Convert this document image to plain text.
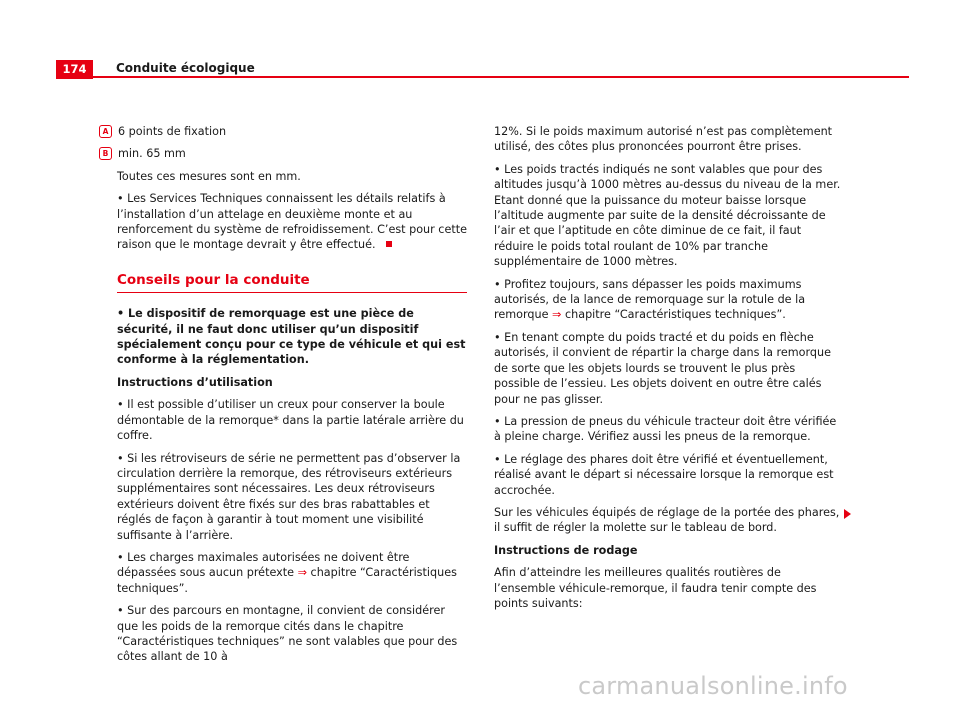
174	Conduite écologique

A 6 points de fixation

B min. 65 mm

Toutes ces mesures sont en mm.

• Les Services Techniques connaissent les détails relatifs à l’installation d’un attelage en deuxième monte et au renforcement du système de refroidissement. C’est pour cette raison que le montage devrait y être effectué.

Conseils pour la conduite

• Le dispositif de remorquage est une pièce de sécurité, il ne faut donc utiliser qu’un dispositif spécialement conçu pour ce type de véhicule et qui est conforme à la réglementation.

Instructions d’utilisation

• Il est possible d’utiliser un creux pour conserver la boule démontable de la remorque* dans la partie latérale arrière du coffre.

• Si les rétroviseurs de série ne permettent pas d’observer la circulation derrière la remorque, des rétroviseurs extérieurs supplémentaires sont nécessaires. Les deux rétroviseurs extérieurs doivent être fixés sur des bras rabattables et réglés de façon à garantir à tout moment une visibilité suffisante à l’arrière.

• Les charges maximales autorisées ne doivent être dépassées sous aucun prétexte ⇒ chapitre “Caractéristiques techniques”.

• Sur des parcours en montagne, il convient de considérer que les poids de la remorque cités dans le chapitre “Caractéristiques techniques” ne sont valables que pour des côtes allant de 10 à

12%. Si le poids maximum autorisé n’est pas complètement utilisé, des côtes plus prononcées pourront être prises.

• Les poids tractés indiqués ne sont valables que pour des altitudes jusqu’à 1000 mètres au-dessus du niveau de la mer. Etant donné que la puissance du moteur baisse lorsque l’altitude augmente par suite de la densité décroissante de l’air et que l’aptitude en côte diminue de ce fait, il faut réduire le poids total roulant de 10% par tranche supplémentaire de 1000 mètres.

• Profitez toujours, sans dépasser les poids maximums autorisés, de la lance de remorquage sur la rotule de la remorque ⇒ chapitre “Caractéristiques techniques”.

• En tenant compte du poids tracté et du poids en flèche autorisés, il convient de répartir la charge dans la remorque de sorte que les objets lourds se trouvent le plus près possible de l’essieu. Les objets doivent en outre être calés pour ne pas glisser.

• La pression de pneus du véhicule tracteur doit être vérifiée à pleine charge. Vérifiez aussi les pneus de la remorque.

• Le réglage des phares doit être vérifié et éventuellement, réalisé avant le départ si nécessaire lorsque la remorque est accrochée.

Sur les véhicules équipés de réglage de la portée des phares, il suffit de régler la molette sur le tableau de bord.

Instructions de rodage

Afin d’atteindre les meilleures qualités routières de l’ensemble véhicule-remorque, il faudra tenir compte des points suivants:

carmanualsonline.info
